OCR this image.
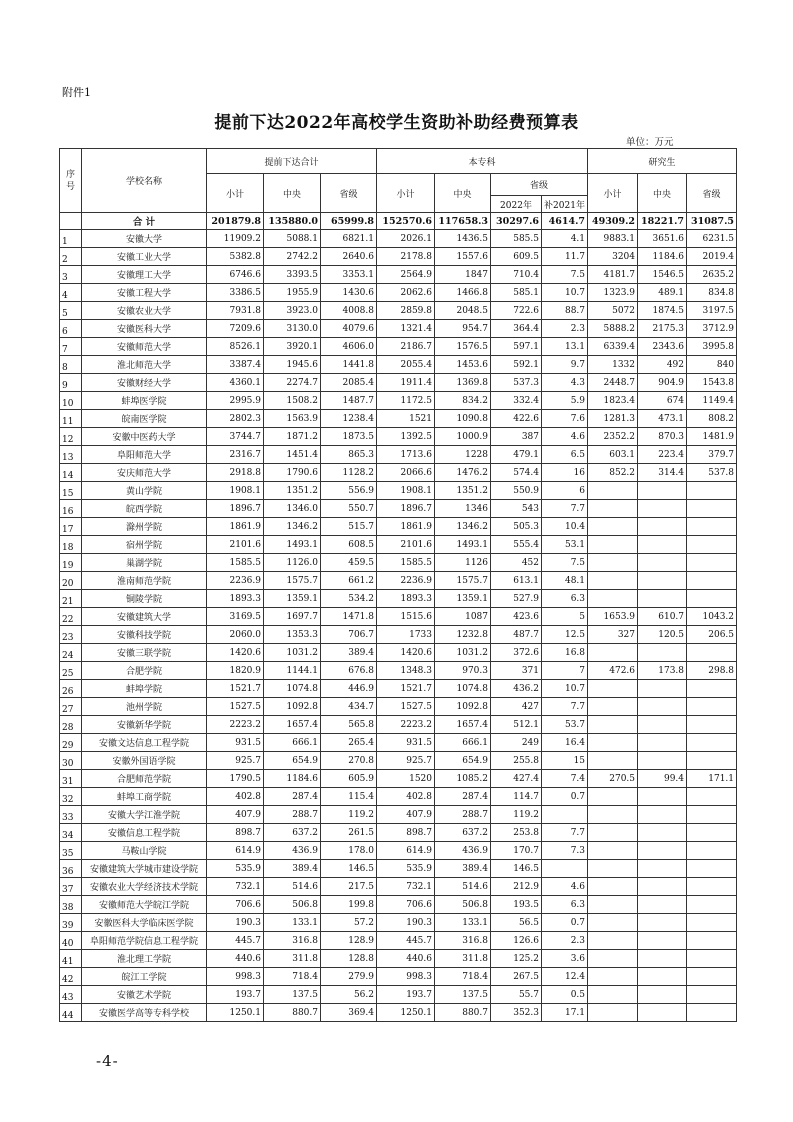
附件1
提前下达2022年高校学生资助补助经费预算表
单位：万元
序
号	学校名称	提前下达合计			本专科				研究生		
		小计	中央	省级	小计	中央	省级		小计	中央	省级
							2022年	补2021年			
	合 计	201879.8	135880.0	65999.8	152570.6	117658.3	30297.6	4614.7	49309.2	18221.7	31087.5
1	安徽大学	11909.2	5088.1	6821.1	2026.1	1436.5	585.5	4.1	9883.1	3651.6	6231.5
2	安徽工业大学	5382.8	2742.2	2640.6	2178.8	1557.6	609.5	11.7	3204	1184.6	2019.4
3	安徽理工大学	6746.6	3393.5	3353.1	2564.9	1847	710.4	7.5	4181.7	1546.5	2635.2
4	安徽工程大学	3386.5	1955.9	1430.6	2062.6	1466.8	585.1	10.7	1323.9	489.1	834.8
5	安徽农业大学	7931.8	3923.0	4008.8	2859.8	2048.5	722.6	88.7	5072	1874.5	3197.5
6	安徽医科大学	7209.6	3130.0	4079.6	1321.4	954.7	364.4	2.3	5888.2	2175.3	3712.9
7	安徽师范大学	8526.1	3920.1	4606.0	2186.7	1576.5	597.1	13.1	6339.4	2343.6	3995.8
8	淮北师范大学	3387.4	1945.6	1441.8	2055.4	1453.6	592.1	9.7	1332	492	840
9	安徽财经大学	4360.1	2274.7	2085.4	1911.4	1369.8	537.3	4.3	2448.7	904.9	1543.8
10	蚌埠医学院	2995.9	1508.2	1487.7	1172.5	834.2	332.4	5.9	1823.4	674	1149.4
11	皖南医学院	2802.3	1563.9	1238.4	1521	1090.8	422.6	7.6	1281.3	473.1	808.2
12	安徽中医药大学	3744.7	1871.2	1873.5	1392.5	1000.9	387	4.6	2352.2	870.3	1481.9
13	阜阳师范大学	2316.7	1451.4	865.3	1713.6	1228	479.1	6.5	603.1	223.4	379.7
14	安庆师范大学	2918.8	1790.6	1128.2	2066.6	1476.2	574.4	16	852.2	314.4	537.8
15	黄山学院	1908.1	1351.2	556.9	1908.1	1351.2	550.9	6			
16	皖西学院	1896.7	1346.0	550.7	1896.7	1346	543	7.7			
17	滁州学院	1861.9	1346.2	515.7	1861.9	1346.2	505.3	10.4			
18	宿州学院	2101.6	1493.1	608.5	2101.6	1493.1	555.4	53.1			
19	巢湖学院	1585.5	1126.0	459.5	1585.5	1126	452	7.5			
20	淮南师范学院	2236.9	1575.7	661.2	2236.9	1575.7	613.1	48.1			
21	铜陵学院	1893.3	1359.1	534.2	1893.3	1359.1	527.9	6.3			
22	安徽建筑大学	3169.5	1697.7	1471.8	1515.6	1087	423.6	5	1653.9	610.7	1043.2
23	安徽科技学院	2060.0	1353.3	706.7	1733	1232.8	487.7	12.5	327	120.5	206.5
24	安徽三联学院	1420.6	1031.2	389.4	1420.6	1031.2	372.6	16.8			
25	合肥学院	1820.9	1144.1	676.8	1348.3	970.3	371	7	472.6	173.8	298.8
26	蚌埠学院	1521.7	1074.8	446.9	1521.7	1074.8	436.2	10.7			
27	池州学院	1527.5	1092.8	434.7	1527.5	1092.8	427	7.7			
28	安徽新华学院	2223.2	1657.4	565.8	2223.2	1657.4	512.1	53.7			
29	安徽文达信息工程学院	931.5	666.1	265.4	931.5	666.1	249	16.4			
30	安徽外国语学院	925.7	654.9	270.8	925.7	654.9	255.8	15			
31	合肥师范学院	1790.5	1184.6	605.9	1520	1085.2	427.4	7.4	270.5	99.4	171.1
32	蚌埠工商学院	402.8	287.4	115.4	402.8	287.4	114.7	0.7			
33	安徽大学江淮学院	407.9	288.7	119.2	407.9	288.7	119.2				
34	安徽信息工程学院	898.7	637.2	261.5	898.7	637.2	253.8	7.7			
35	马鞍山学院	614.9	436.9	178.0	614.9	436.9	170.7	7.3			
36	安徽建筑大学城市建设学院	535.9	389.4	146.5	535.9	389.4	146.5				
37	安徽农业大学经济技术学院	732.1	514.6	217.5	732.1	514.6	212.9	4.6			
38	安徽师范大学皖江学院	706.6	506.8	199.8	706.6	506.8	193.5	6.3			
39	安徽医科大学临床医学院	190.3	133.1	57.2	190.3	133.1	56.5	0.7			
40	阜阳师范学院信息工程学院	445.7	316.8	128.9	445.7	316.8	126.6	2.3			
41	淮北理工学院	440.6	311.8	128.8	440.6	311.8	125.2	3.6			
42	皖江工学院	998.3	718.4	279.9	998.3	718.4	267.5	12.4			
43	安徽艺术学院	193.7	137.5	56.2	193.7	137.5	55.7	0.5			
44	安徽医学高等专科学校	1250.1	880.7	369.4	1250.1	880.7	352.3	17.1			
-4-
